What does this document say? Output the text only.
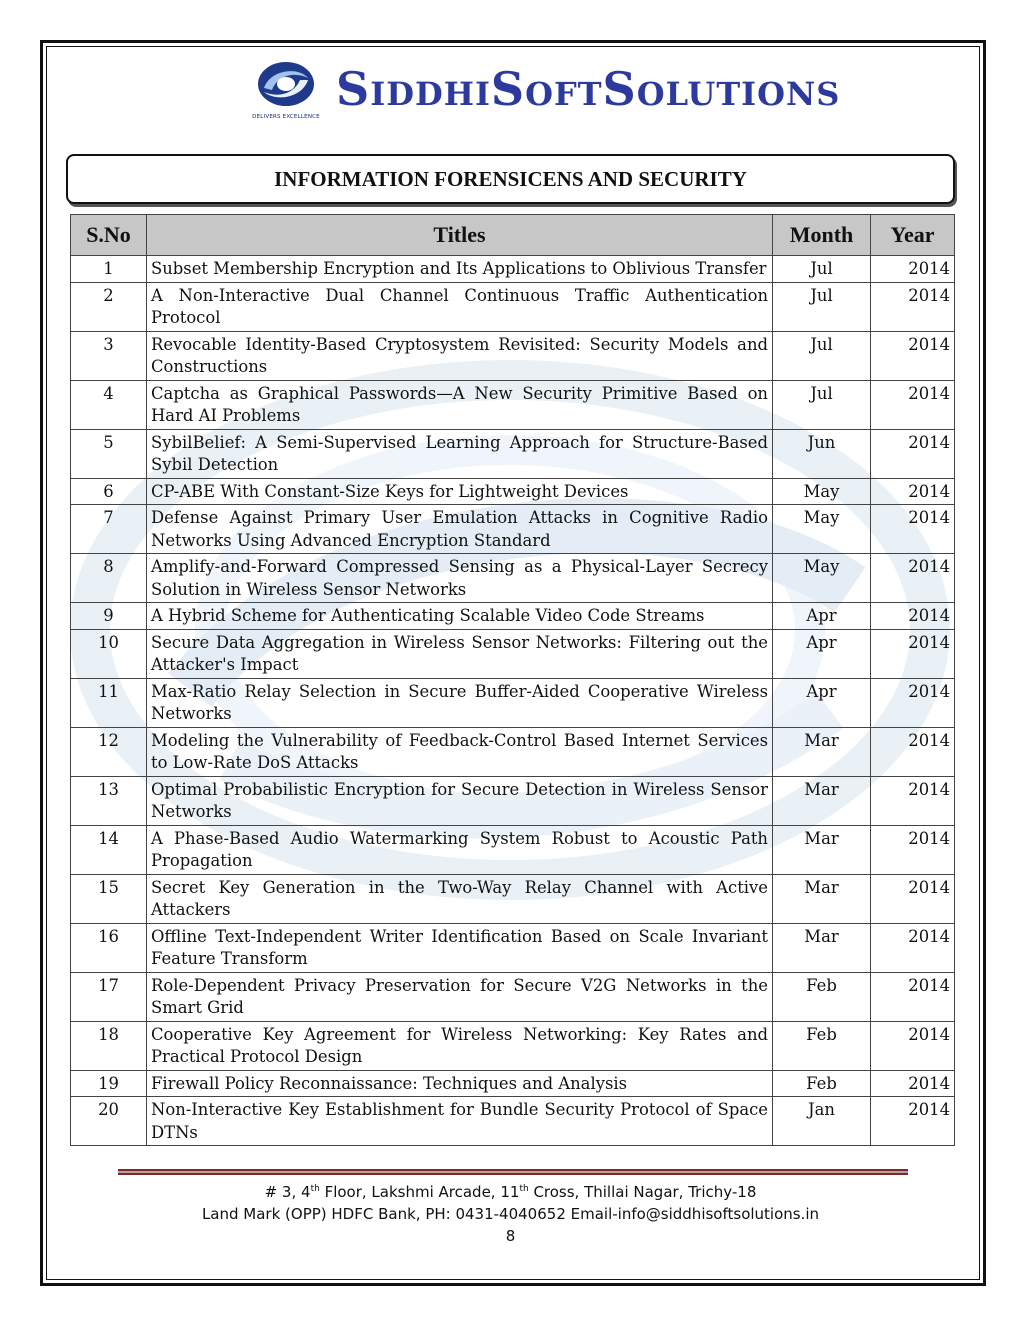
DELIVERS EXCELLENCE
SIDDHISOFTSOLUTIONS
INFORMATION FORENSICENS AND SECURITY
S.No	Titles	Month	Year
1	Subset Membership Encryption and Its Applications to Oblivious Transfer	Jul	2014
2	A Non-Interactive Dual Channel Continuous Traffic Authentication Protocol	Jul	2014
3	Revocable Identity-Based Cryptosystem Revisited: Security Models and Constructions	Jul	2014
4	Captcha as Graphical Passwords—A New Security Primitive Based on Hard AI Problems	Jul	2014
5	SybilBelief: A Semi-Supervised Learning Approach for Structure-Based Sybil Detection	Jun	2014
6	CP-ABE With Constant-Size Keys for Lightweight Devices	May	2014
7	Defense Against Primary User Emulation Attacks in Cognitive Radio Networks Using Advanced Encryption Standard	May	2014
8	Amplify-and-Forward Compressed Sensing as a Physical-Layer Secrecy Solution in Wireless Sensor Networks	May	2014
9	A Hybrid Scheme for Authenticating Scalable Video Code Streams	Apr	2014
10	Secure Data Aggregation in Wireless Sensor Networks: Filtering out the Attacker's Impact	Apr	2014
11	Max-Ratio Relay Selection in Secure Buffer-Aided Cooperative Wireless Networks	Apr	2014
12	Modeling the Vulnerability of Feedback-Control Based Internet Services to Low-Rate DoS Attacks	Mar	2014
13	Optimal Probabilistic Encryption for Secure Detection in Wireless Sensor Networks	Mar	2014
14	A Phase-Based Audio Watermarking System Robust to Acoustic Path Propagation	Mar	2014
15	Secret Key Generation in the Two-Way Relay Channel with Active Attackers	Mar	2014
16	Offline Text-Independent Writer Identification Based on Scale Invariant Feature Transform	Mar	2014
17	Role-Dependent Privacy Preservation for Secure V2G Networks in the Smart Grid	Feb	2014
18	Cooperative Key Agreement for Wireless Networking: Key Rates and Practical Protocol Design	Feb	2014
19	Firewall Policy Reconnaissance: Techniques and Analysis	Feb	2014
20	Non-Interactive Key Establishment for Bundle Security Protocol of Space DTNs	Jan	2014
# 3, 4th Floor, Lakshmi Arcade, 11th Cross, Thillai Nagar, Trichy-18
Land Mark (OPP) HDFC Bank, PH: 0431-4040652 Email-info@siddhisoftsolutions.in
8
